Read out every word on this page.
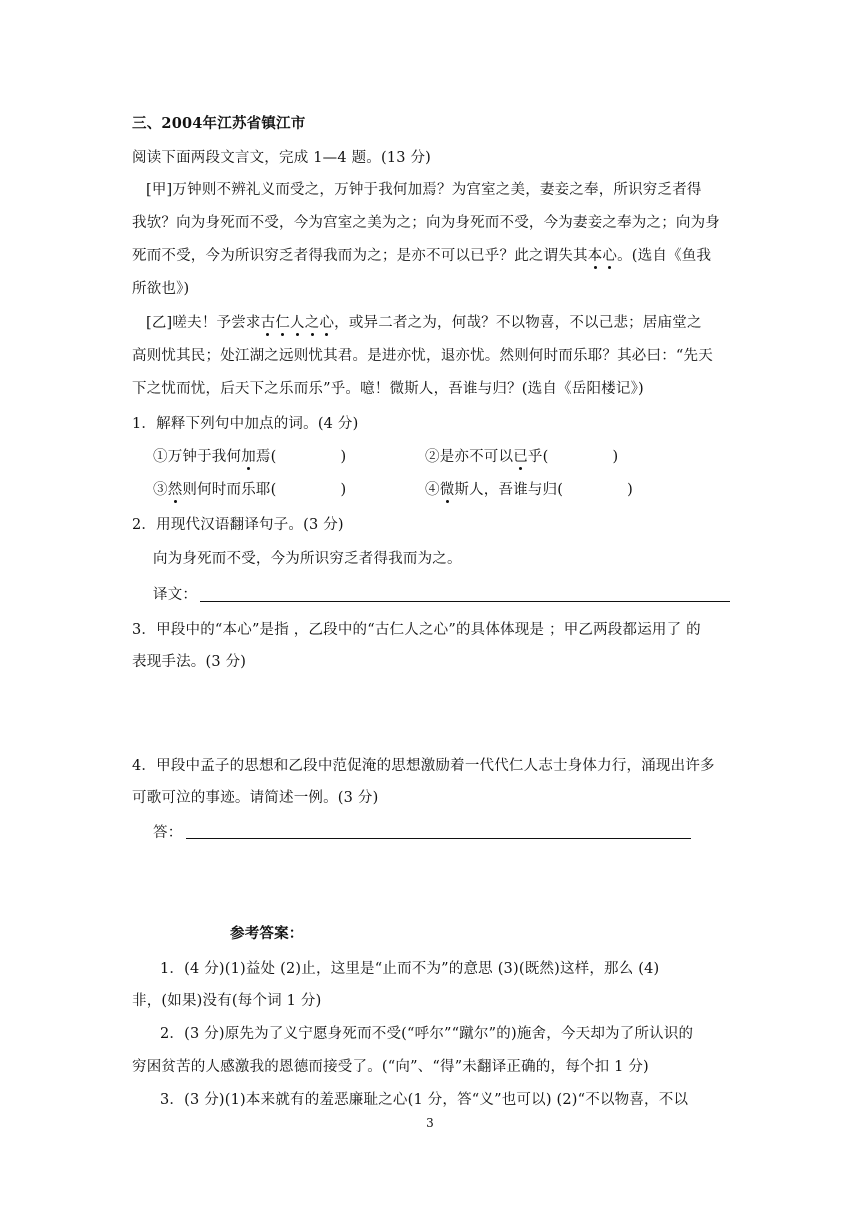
三、2004年江苏省镇江市
阅读下面两段文言文，完成 1—4 题。(13 分)
[甲]万钟则不辨礼义而受之，万钟于我何加焉？为宫室之美，妻妾之奉，所识穷乏者得
我欤？向为身死而不受，今为宫室之美为之；向为身死而不受，今为妻妾之奉为之；向为身
死而不受，今为所识穷乏者得我而为之；是亦不可以已乎？此之谓失其本心。(选自《鱼我
所欲也》)
[乙]嗟夫！予尝求古仁人之心，或异二者之为，何哉？不以物喜，不以己悲；居庙堂之
高则忧其民；处江湖之远则忧其君。是进亦忧，退亦忧。然则何时而乐耶？其必曰：“先天
下之忧而忧，后天下之乐而乐”乎。噫！微斯人，吾谁与归？(选自《岳阳楼记》)
1．解释下列句中加点的词。(4 分)
①万钟于我何加焉(	)	②是亦不可以已乎(	)
③然则何时而乐耶(	)	④微斯人，吾谁与归(	)
2．用现代汉语翻译句子。(3 分)
向为身死而不受，今为所识穷乏者得我而为之。
译文：
3．甲段中的“本心”是指 ，乙段中的“古仁人之心”的具体体现是 ；甲乙两段都运用了 的
表现手法。(3 分)
4．甲段中孟子的思想和乙段中范促淹的思想激励着一代代仁人志士身体力行，涌现出许多
可歌可泣的事迹。请简述一例。(3 分)
答：
参考答案：
1．(4 分)(1)益处 (2)止，这里是“止而不为”的意思 (3)(既然)这样，那么 (4)
非，(如果)没有(每个词 1 分)
2．(3 分)原先为了义宁愿身死而不受(“呼尔”“蹴尔”的)施舍，今天却为了所认识的
穷困贫苦的人感激我的恩德而接受了。(“向”、“得”未翻译正确的，每个扣 1 分)
3．(3 分)(1)本来就有的羞恶廉耻之心(1 分，答“义”也可以) (2)“不以物喜，不以
3
